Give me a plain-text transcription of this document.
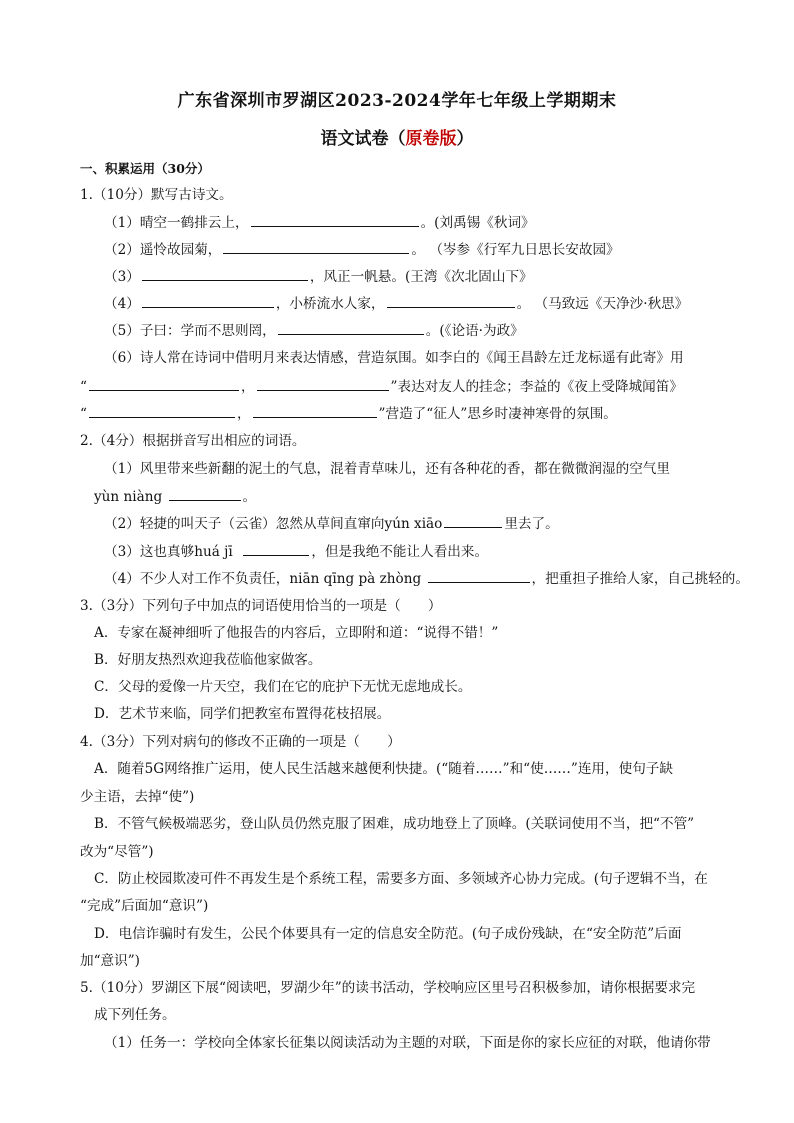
广东省深圳市罗湖区2023-2024学年七年级上学期期末
语文试卷（原卷版）
一、积累运用（30分）
1.（10分）默写古诗文。
（1）晴空一鹤排云上，	。(刘禹锡《秋词》
（2）遥怜故园菊，	。 （岑参《行军九日思长安故园》
（3）	，风正一帆悬。(王湾《次北固山下》
（4）	，小桥流水人家，	。 （马致远《天净沙·秋思》
（5）子曰：学而不思则罔，	。(《论语·为政》
（6）诗人常在诗词中借明月来表达情感，营造氛围。如李白的《闻王昌龄左迁龙标遥有此寄》用
“	，	”表达对友人的挂念；李益的《夜上受降城闻笛》
“	，	”营造了“征人”思乡时凄神寒骨的氛围。
2.（4分）根据拼音写出相应的词语。
（1）风里带来些新翻的泥土的气息，混着青草味儿，还有各种花的香，都在微微润湿的空气里
yùn niàng	。
（2）轻捷的叫天子（云雀）忽然从草间直窜向yún xiāo	里去了。
（3）这也真够huá jī	，但是我绝不能让人看出来。
（4）不少人对工作不负责任，niān qīng pà zhòng	，把重担子推给人家，自己挑轻的。
3.（3分）下列句子中加点的词语使用恰当的一项是（　　）
A．专家在凝神细听了他报告的内容后，立即附和道：“说得不错！”
B．好朋友热烈欢迎我莅临他家做客。
C．父母的爱像一片天空，我们在它的庇护下无忧无虑地成长。
D．艺术节来临，同学们把教室布置得花枝招展。
4.（3分）下列对病句的修改不正确的一项是（　　）
A．随着5G网络推广运用，使人民生活越来越便利快捷。(“随着……”和“使……”连用，使句子缺
少主语，去掉“使”)
B．不管气候极端恶劣，登山队员仍然克服了困难，成功地登上了顶峰。(关联词使用不当，把“不管”
改为“尽管”)
C．防止校园欺凌可件不再发生是个系统工程，需要多方面、多领域齐心协力完成。(句子逻辑不当，在
“完成”后面加“意识”)
D．电信诈骗时有发生，公民个体要具有一定的信息安全防范。(句子成份残缺，在“安全防范”后面
加“意识”)
5.（10分）罗湖区下展“阅读吧，罗湖少年”的读书活动，学校响应区里号召积极参加，请你根据要求完
成下列任务。
（1）任务一：学校向全体家长征集以阅读活动为主题的对联，下面是你的家长应征的对联，他请你带
